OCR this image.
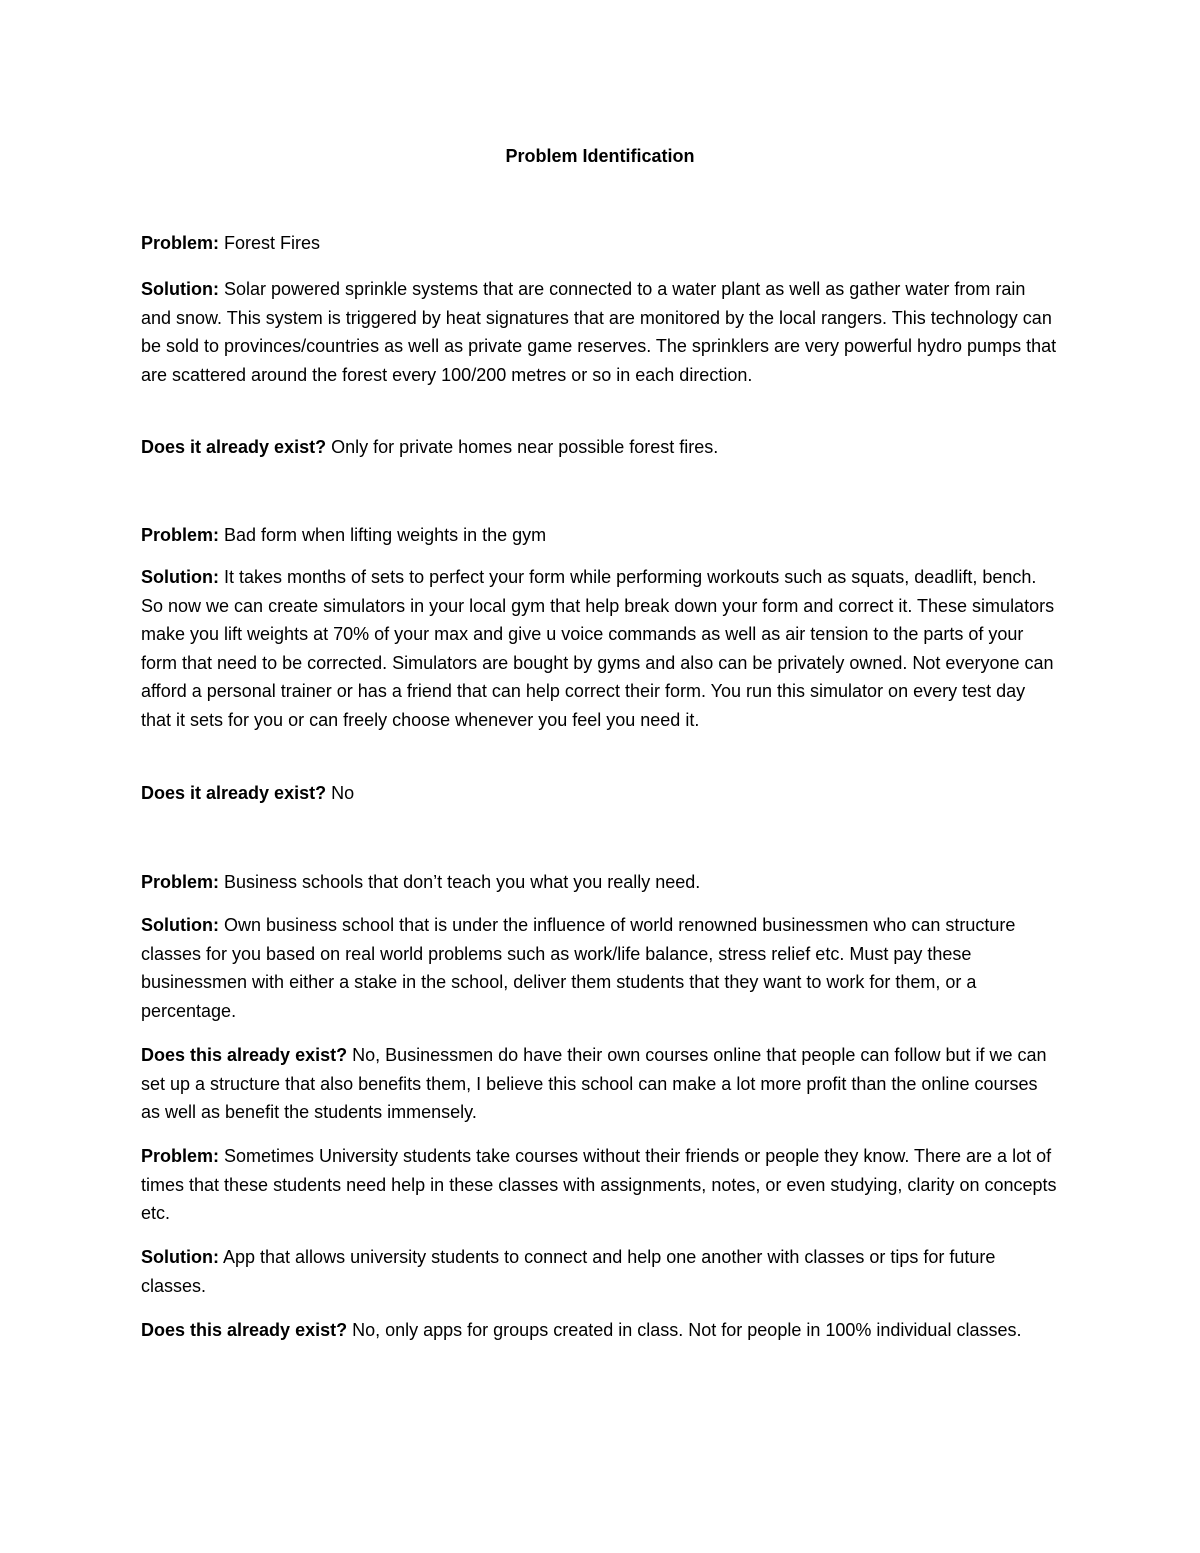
Problem Identification

Problem: Forest Fires

Solution: Solar powered sprinkle systems that are connected to a water plant as well as gather water from rain and snow. This system is triggered by heat signatures that are monitored by the local rangers. This technology can be sold to provinces/countries as well as private game reserves. The sprinklers are very powerful hydro pumps that are scattered around the forest every 100/200 metres or so in each direction.

Does it already exist? Only for private homes near possible forest fires.

Problem: Bad form when lifting weights in the gym

Solution: It takes months of sets to perfect your form while performing workouts such as squats, deadlift, bench. So now we can create simulators in your local gym that help break down your form and correct it. These simulators make you lift weights at 70% of your max and give u voice commands as well as air tension to the parts of your form that need to be corrected. Simulators are bought by gyms and also can be privately owned. Not everyone can afford a personal trainer or has a friend that can help correct their form. You run this simulator on every test day that it sets for you or can freely choose whenever you feel you need it.

Does it already exist? No

Problem: Business schools that don’t teach you what you really need.

Solution: Own business school that is under the influence of world renowned businessmen who can structure classes for you based on real world problems such as work/life balance, stress relief etc. Must pay these businessmen with either a stake in the school, deliver them students that they want to work for them, or a percentage.

Does this already exist? No, Businessmen do have their own courses online that people can follow but if we can set up a structure that also benefits them, I believe this school can make a lot more profit than the online courses as well as benefit the students immensely.

Problem: Sometimes University students take courses without their friends or people they know. There are a lot of times that these students need help in these classes with assignments, notes, or even studying, clarity on concepts etc.

Solution: App that allows university students to connect and help one another with classes or tips for future classes.

Does this already exist? No, only apps for groups created in class. Not for people in 100% individual classes.
